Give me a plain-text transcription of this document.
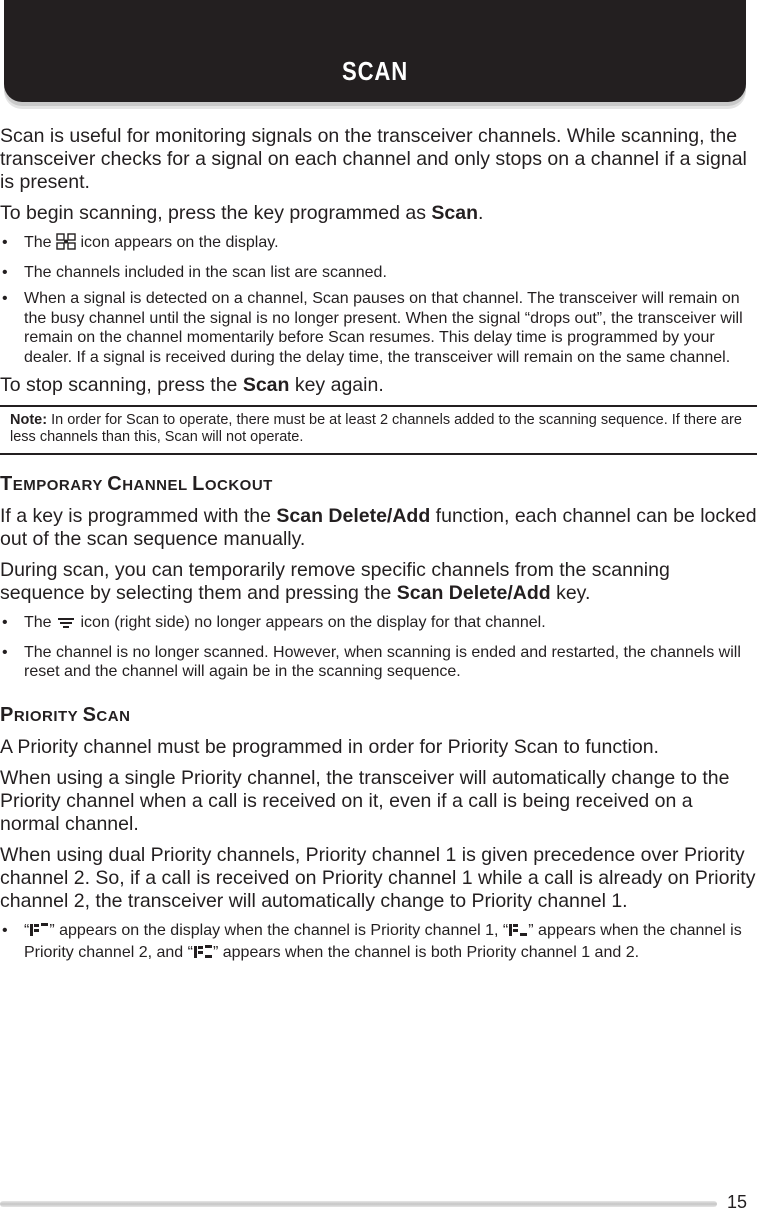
SCAN

Scan is useful for monitoring signals on the transceiver channels. While scanning, the transceiver checks for a signal on each channel and only stops on a channel if a signal is present.

To begin scanning, press the key programmed as Scan.

• The  icon appears on the display.
• The channels included in the scan list are scanned.
• When a signal is detected on a channel, Scan pauses on that channel. The transceiver will remain on the busy channel until the signal is no longer present. When the signal “drops out”, the transceiver will remain on the channel momentarily before Scan resumes. This delay time is programmed by your dealer. If a signal is received during the delay time, the transceiver will remain on the same channel.

To stop scanning, press the Scan key again.

Note: In order for Scan to operate, there must be at least 2 channels added to the scanning sequence. If there are less channels than this, Scan will not operate.
TEMPORARY CHANNEL LOCKOUT

If a key is programmed with the Scan Delete/Add function, each channel can be locked out of the scan sequence manually.

During scan, you can temporarily remove specific channels from the scanning sequence by selecting them and pressing the Scan Delete/Add key.

• The  icon (right side) no longer appears on the display for that channel.
• The channel is no longer scanned. However, when scanning is ended and restarted, the channels will reset and the channel will again be in the scanning sequence.
PRIORITY SCAN

A Priority channel must be programmed in order for Priority Scan to function.

When using a single Priority channel, the transceiver will automatically change to the Priority channel when a call is received on it, even if a call is being received on a normal channel.

When using dual Priority channels, Priority channel 1 is given precedence over Priority channel 2. So, if a call is received on Priority channel 1 while a call is already on Priority channel 2, the transceiver will automatically change to Priority channel 1.

• “ ” appears on the display when the channel is Priority channel 1, “ ” appears when the channel is Priority channel 2, and “ ” appears when the channel is both Priority channel 1 and 2.
15
